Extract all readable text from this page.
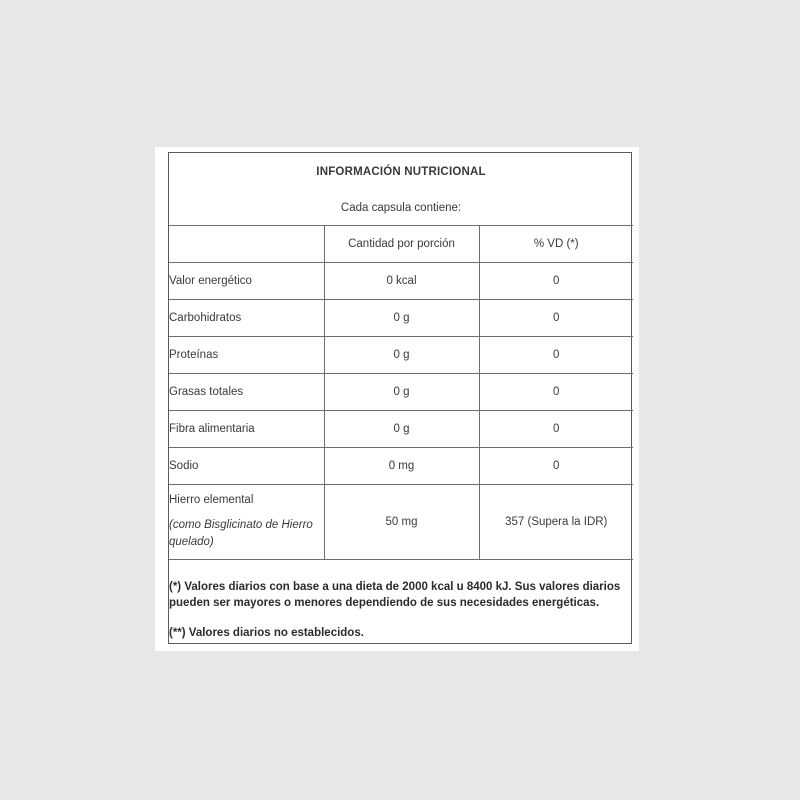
INFORMACIÓN NUTRICIONAL		
Cada capsula contiene:		
	Cantidad por porción	% VD (*)
Valor energético	0 kcal	0
Carbohidratos	0 g	0
Proteínas	0 g	0
Grasas totales	0 g	0
Fibra alimentaria	0 g	0
Sodio	0 mg	0
Hierro elemental
(como Bisglicinato de Hierro quelado)	50 mg	357 (Supera la IDR)

(*) Valores diarios con base a una dieta de 2000 kcal u 8400 kJ. Sus valores diarios pueden ser mayores o menores dependiendo de sus necesidades energéticas.

(**) Valores diarios no establecidos.		
